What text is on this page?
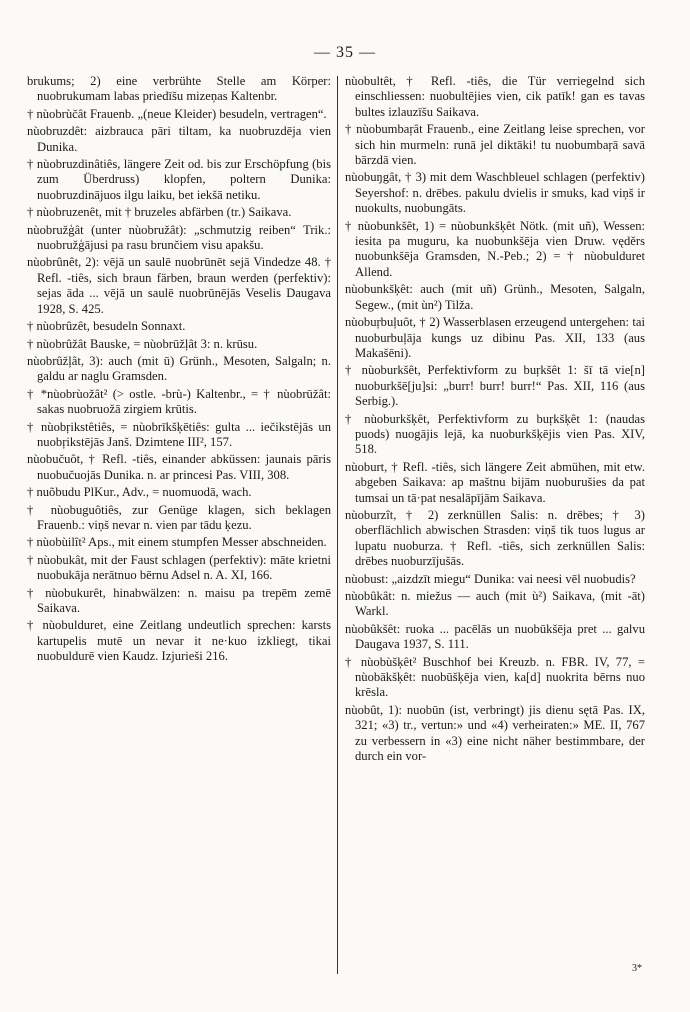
— 35 —
brukums; 2) eine verbrühte Stelle am Körper: nuobrukumam labas priedīšu mizeņas Kaltenbr.
† nùobrùčât Frauenb. „(neue Kleider) besudeln, vertragen“.
nùobruzdêt: aizbrauca pāri tiltam, ka nuobruzdēja vien Dunika.
† nùobruzdinâtiês, längere Zeit od. bis zur Erschöpfung (bis zum Überdruss) klopfen, poltern Dunika: nuobruzdinājuos ilgu laiku, bet iekšā netiku.
† nùobruzenêt, mit † bruzeles abfärben (tr.) Saikava.
nùobružģât (unter nùobružât): „schmutzig reiben“ Trik.: nuobružģājusi pa rasu brunčiem visu apakšu.
nùobrûnêt, 2): vējā un saulē nuobrūnēt sejā Vindedze 48. † Refl. -tiês, sich braun färben, braun werden (perfektiv): sejas āda ... vējā un saulē nuobrūnējās Veselis Daugava 1928, S. 425.
† nùobrûzêt, besudeln Sonnaxt.
† nùobrûžât Bauske, = nùobrūžļât 3: n. krūsu.
nùobrûžļât, 3): auch (mit ū) Grünh., Mesoten, Salgaln; n. galdu ar naglu Gramsden.
† *nùobrùožât² (> ostle. -brù-) Kaltenbr., = † nùobrūžât: sakas nuobruožā zirgiem krūtis.
† nùobŗikstêtiês, = nùobrīkšķētiês: gulta ... iečikstējās un nuobŗikstējās Janš. Dzimtene III², 157.
nùobučuôt, † Refl. -tiês, einander abküssen: jaunais pāris nuobučuojās Dunika. n. ar princesi Pas. VIII, 308.
† nuõbudu PlKur., Adv., = nuomuodā, wach.
† nùobuguôtiês, zur Genüge klagen, sich beklagen Frauenb.: viņš nevar n. vien par tādu ķezu.
† nùobùilît² Aps., mit einem stumpfen Messer abschneiden.
† nùobukât, mit der Faust schlagen (perfektiv): māte krietni nuobukāja nerātnuo bērnu Adsel n. A. XI, 166.
† nùobukurêt, hinabwälzen: n. maisu pa trepēm zemē Saikava.
† nùobulduret, eine Zeitlang undeutlich sprechen: karsts kartupelis mutē un nevar it ne·kuo izkliegt, tikai nuobuldurē vien Kaudz. Izjurieši 216.
nùobultêt, † Refl. -tiês, die Tür verriegelnd sich einschliessen: nuobultējies vien, cik patīk! gan es tavas bultes izlauzīšu Saikava.
† nùobumbaŗât Frauenb., eine Zeitlang leise sprechen, vor sich hin murmeln: runā jel diktāki! tu nuobumbaŗā savā bārzdā vien.
nùobuŋgât, † 3) mit dem Waschbleuel schlagen (perfektiv) Seyershof: n. drēbes. pakulu dvielis ir smuks, kad viņš ir nuokults, nuobungāts.
† nùobunkšêt, 1) = nùobunkšķêt Nötk. (mit uñ), Wessen: iesita pa muguru, ka nuobunkšēja vien Druw. vęděrs nuobunkšēja Gramsden, N.-Peb.; 2) = † nùobulduret Allend.
nùobunkšķêt: auch (mit uñ) Grünh., Mesoten, Salgaln, Segew., (mit ùn²) Tilža.
nùobuŗbuļuôt, † 2) Wasserblasen erzeugend untergehen: tai nuoburbuļāja kungs uz dibinu Pas. XII, 133 (aus Makašēni).
† nùoburkšêt, Perfektivform zu buŗkšêt 1: šī tā vie[n] nuoburkšē[ju]si: „burr! burr! burr!“ Pas. XII, 116 (aus Serbig.).
† nùoburkšķêt, Perfektivform zu buŗkšķêt 1: (naudas puods) nuogājis lejā, ka nuoburkšķējis vien Pas. XIV, 518.
nùoburt, † Refl. -tiês, sich längere Zeit abmühen, mit etw. abgeben Saikava: ap maštnu bijām nuoburušies da pat tumsai un tā·pat nesalāpījām Saikava.
nùoburzît, † 2) zerknüllen Salis: n. drēbes; † 3) oberflächlich abwischen Strasden: viņš tik tuos lugus ar lupatu nuoburza. † Refl. -tiês, sich zerknüllen Salis: drēbes nuoburzījušās.
nùobust: „aizdzīt miegu“ Dunika: vai neesi vēl nuobudis?
nùobûkât: n. miežus — auch (mit ù²) Saikava, (mit -āt) Warkl.
nùobûkšêt: ruoka ... pacēlās un nuobūkšēja pret ... galvu Daugava 1937, S. 111.
† nùobùšķêt² Buschhof bei Kreuzb. n. FBR. IV, 77, = nùobākšķêt: nuobūšķēja vien, ka[d] nuokrita bērns nuo krēsla.
nùobût, 1): nuobūn (ist, verbringt) jis dienu sętā Pas. IX, 321; «3) tr., vertun:» und «4) verheiraten:» ME. II, 767 zu verbessern in «3) eine nicht näher bestimmbare, der durch ein vor-
3*
